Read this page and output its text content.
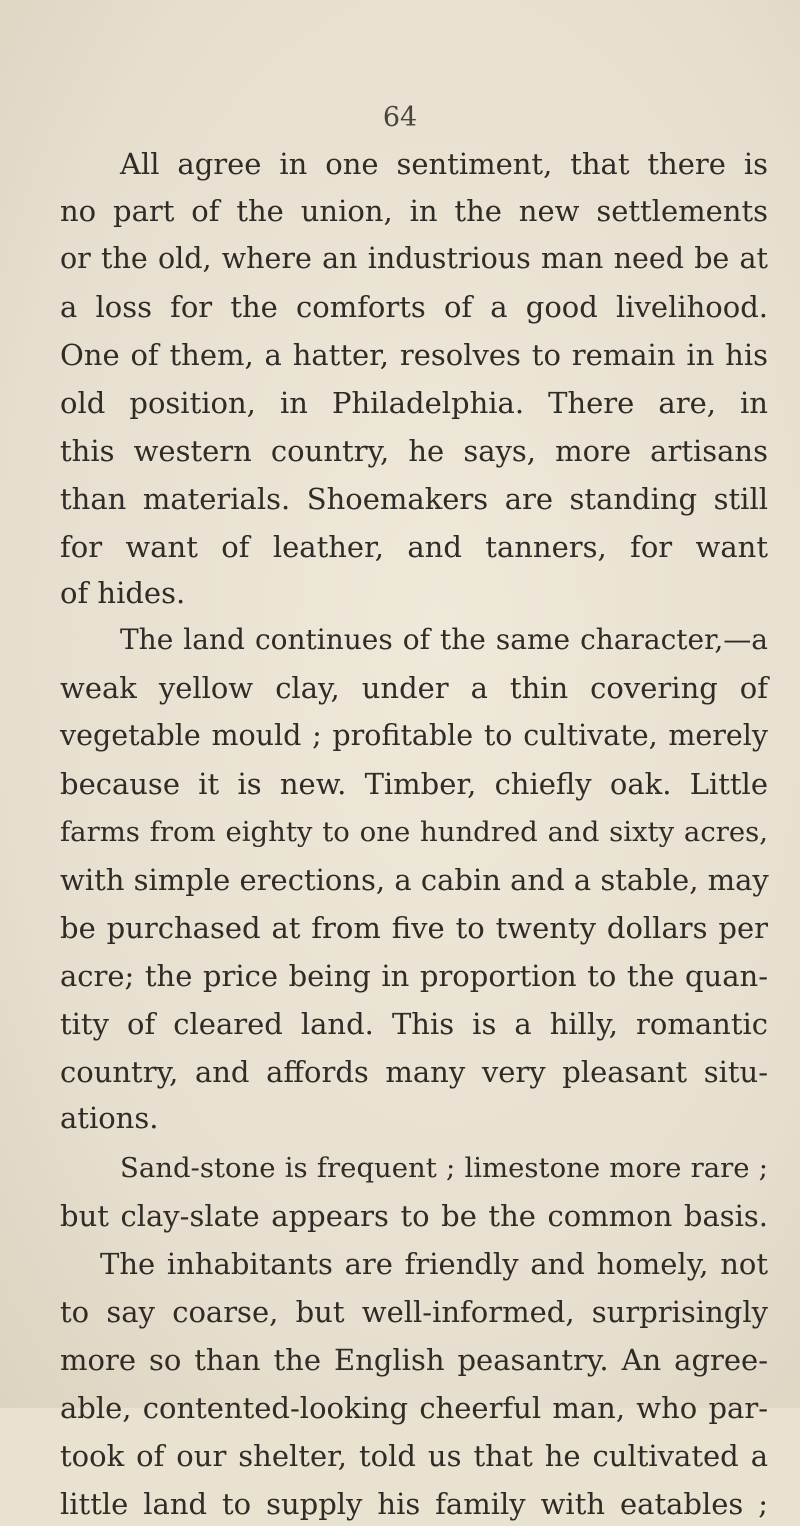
64
All agree in one sentiment, that there is
no part of the union, in the new settlements
or the old, where an industrious man need be at
a loss for the comforts of a good livelihood.
One of them, a hatter, resolves to remain in his
old position, in Philadelphia. There are, in
this western country, he says, more artisans
than materials. Shoemakers are standing still
for want of leather, and tanners, for want
of hides.
The land continues of the same character,—a
weak yellow clay, under a thin covering of
vegetable mould ; profitable to cultivate, merely
because it is new. Timber, chiefly oak. Little
farms from eighty to one hundred and sixty acres,
with simple erections, a cabin and a stable, may
be purchased at from five to twenty dollars per
acre; the price being in proportion to the quan-
tity of cleared land. This is a hilly, romantic
country, and affords many very pleasant situ-
ations.
Sand-stone is frequent ; limestone more rare ;
but clay-slate appears to be the common basis.
The inhabitants are friendly and homely, not
to say coarse, but well-informed, surprisingly
more so than the English peasantry. An agree-
able, contented-looking cheerful man, who par-
took of our shelter, told us that he cultivated a
little land to supply his family with eatables ;
